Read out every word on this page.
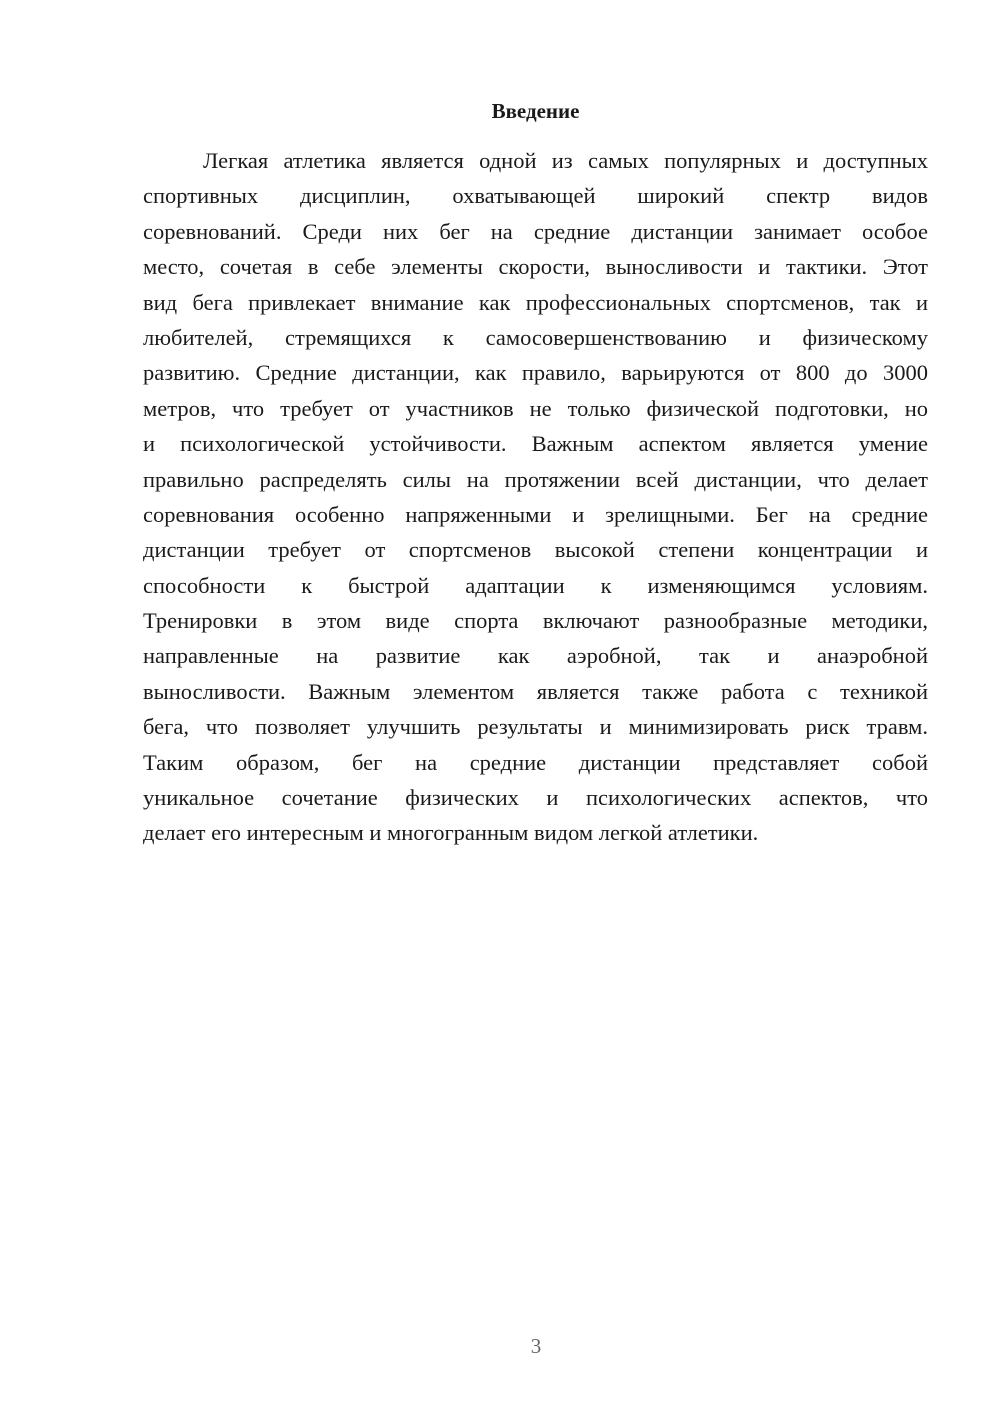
Введение
Легкая атлетика является одной из самых популярных и доступных
спортивных дисциплин, охватывающей широкий спектр видов
соревнований. Среди них бег на средние дистанции занимает особое
место, сочетая в себе элементы скорости, выносливости и тактики. Этот
вид бега привлекает внимание как профессиональных спортсменов, так и
любителей, стремящихся к самосовершенствованию и физическому
развитию. Средние дистанции, как правило, варьируются от 800 до 3000
метров, что требует от участников не только физической подготовки, но
и психологической устойчивости. Важным аспектом является умение
правильно распределять силы на протяжении всей дистанции, что делает
соревнования особенно напряженными и зрелищными. Бег на средние
дистанции требует от спортсменов высокой степени концентрации и
способности к быстрой адаптации к изменяющимся условиям.
Тренировки в этом виде спорта включают разнообразные методики,
направленные на развитие как аэробной, так и анаэробной
выносливости. Важным элементом является также работа с техникой
бега, что позволяет улучшить результаты и минимизировать риск травм.
Таким образом, бег на средние дистанции представляет собой
уникальное сочетание физических и психологических аспектов, что
делает его интересным и многогранным видом легкой атлетики.
3
